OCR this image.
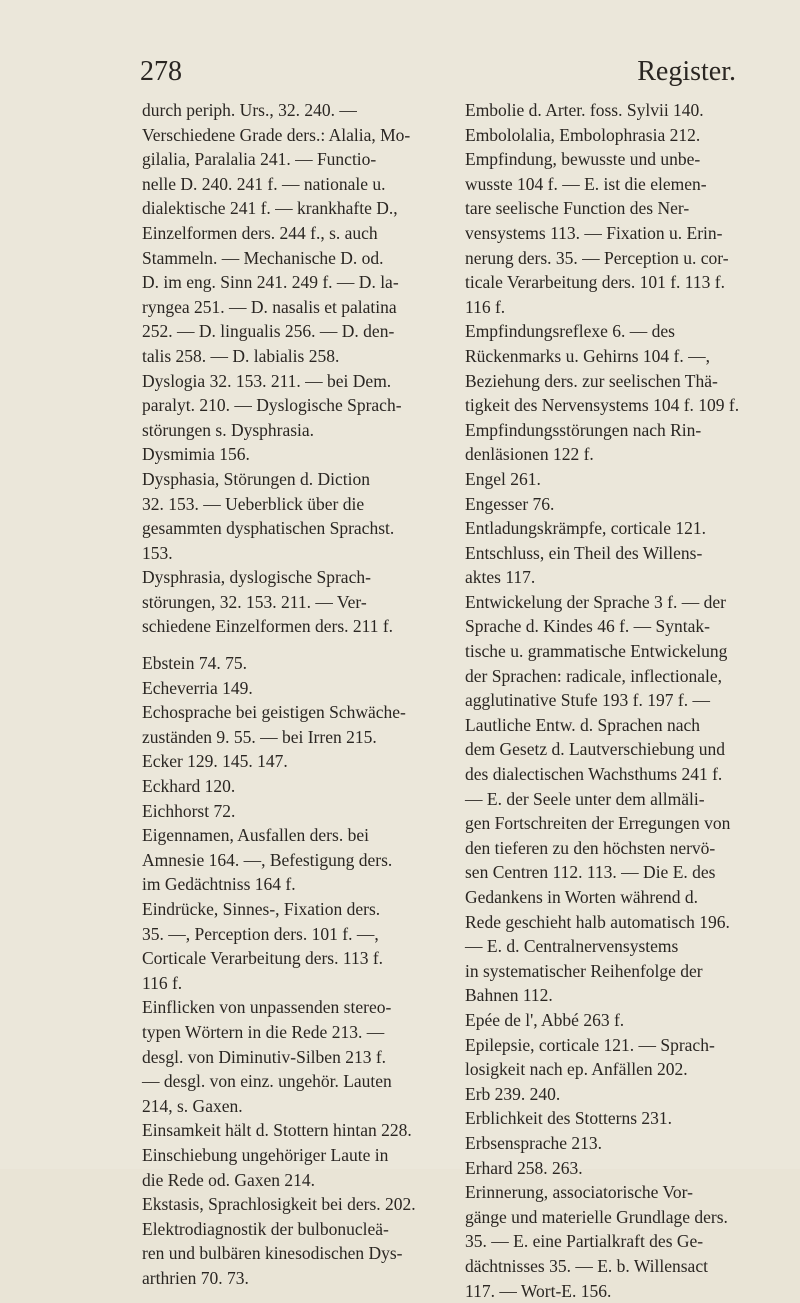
278	Register.
durch periph. Urs., 32. 240. —
Verschiedene Grade ders.: Alalia, Mo-
gilalia, Paralalia 241. — Functio-
nelle D. 240. 241 f. — nationale u.
dialektische 241 f. — krankhafte D.,
Einzelformen ders. 244 f., s. auch
Stammeln. — Mechanische D. od.
D. im eng. Sinn 241. 249 f. — D. la-
ryngea 251. — D. nasalis et palatina
252. — D. lingualis 256. — D. den-
talis 258. — D. labialis 258.
Dyslogia 32. 153. 211. — bei Dem.
paralyt. 210. — Dyslogische Sprach-
störungen s. Dysphrasia.
Dysmimia 156.
Dysphasia, Störungen d. Diction
32. 153. — Ueberblick über die
gesammten dysphatischen Sprachst.
153.
Dysphrasia, dyslogische Sprach-
störungen, 32. 153. 211. — Ver-
schiedene Einzelformen ders. 211 f.
Ebstein 74. 75.
Echeverria 149.
Echosprache bei geistigen Schwäche-
zuständen 9. 55. — bei Irren 215.
Ecker 129. 145. 147.
Eckhard 120.
Eichhorst 72.
Eigennamen, Ausfallen ders. bei
Amnesie 164. —, Befestigung ders.
im Gedächtniss 164 f.
Eindrücke, Sinnes-, Fixation ders.
35. —, Perception ders. 101 f. —,
Corticale Verarbeitung ders. 113 f.
116 f.
Einflicken von unpassenden stereo-
typen Wörtern in die Rede 213. —
desgl. von Diminutiv-Silben 213 f.
— desgl. von einz. ungehör. Lauten
214, s. Gaxen.
Einsamkeit hält d. Stottern hintan 228.
Einschiebung ungehöriger Laute in
die Rede od. Gaxen 214.
Ekstasis, Sprachlosigkeit bei ders. 202.
Elektrodiagnostik der bulbonucleä-
ren und bulbären kinesodischen Dys-
arthrien 70. 73.
Embolie d. Arter. foss. Sylvii 140.
Embololalia, Embolophrasia 212.
Empfindung, bewusste und unbe-
wusste 104 f. — E. ist die elemen-
tare seelische Function des Ner-
vensystems 113. — Fixation u. Erin-
nerung ders. 35. — Perception u. cor-
ticale Verarbeitung ders. 101 f. 113 f.
116 f.
Empfindungsreflexe 6. — des
Rückenmarks u. Gehirns 104 f. —,
Beziehung ders. zur seelischen Thä-
tigkeit des Nervensystems 104 f. 109 f.
Empfindungsstörungen nach Rin-
denläsionen 122 f.
Engel 261.
Engesser 76.
Entladungskrämpfe, corticale 121.
Entschluss, ein Theil des Willens-
aktes 117.
Entwickelung der Sprache 3 f. — der
Sprache d. Kindes 46 f. — Syntak-
tische u. grammatische Entwickelung
der Sprachen: radicale, inflectionale,
agglutinative Stufe 193 f. 197 f. —
Lautliche Entw. d. Sprachen nach
dem Gesetz d. Lautverschiebung und
des dialectischen Wachsthums 241 f.
— E. der Seele unter dem allmäli-
gen Fortschreiten der Erregungen von
den tieferen zu den höchsten nervö-
sen Centren 112. 113. — Die E. des
Gedankens in Worten während d.
Rede geschieht halb automatisch 196.
— E. d. Centralnervensystems
in systematischer Reihenfolge der
Bahnen 112.
Epée de l', Abbé 263 f.
Epilepsie, corticale 121. — Sprach-
losigkeit nach ep. Anfällen 202.
Erb 239. 240.
Erblichkeit des Stotterns 231.
Erbsensprache 213.
Erhard 258. 263.
Erinnerung, associatorische Vor-
gänge und materielle Grundlage ders.
35. — E. eine Partialkraft des Ge-
dächtnisses 35. — E. b. Willensact
117. — Wort-E. 156.
